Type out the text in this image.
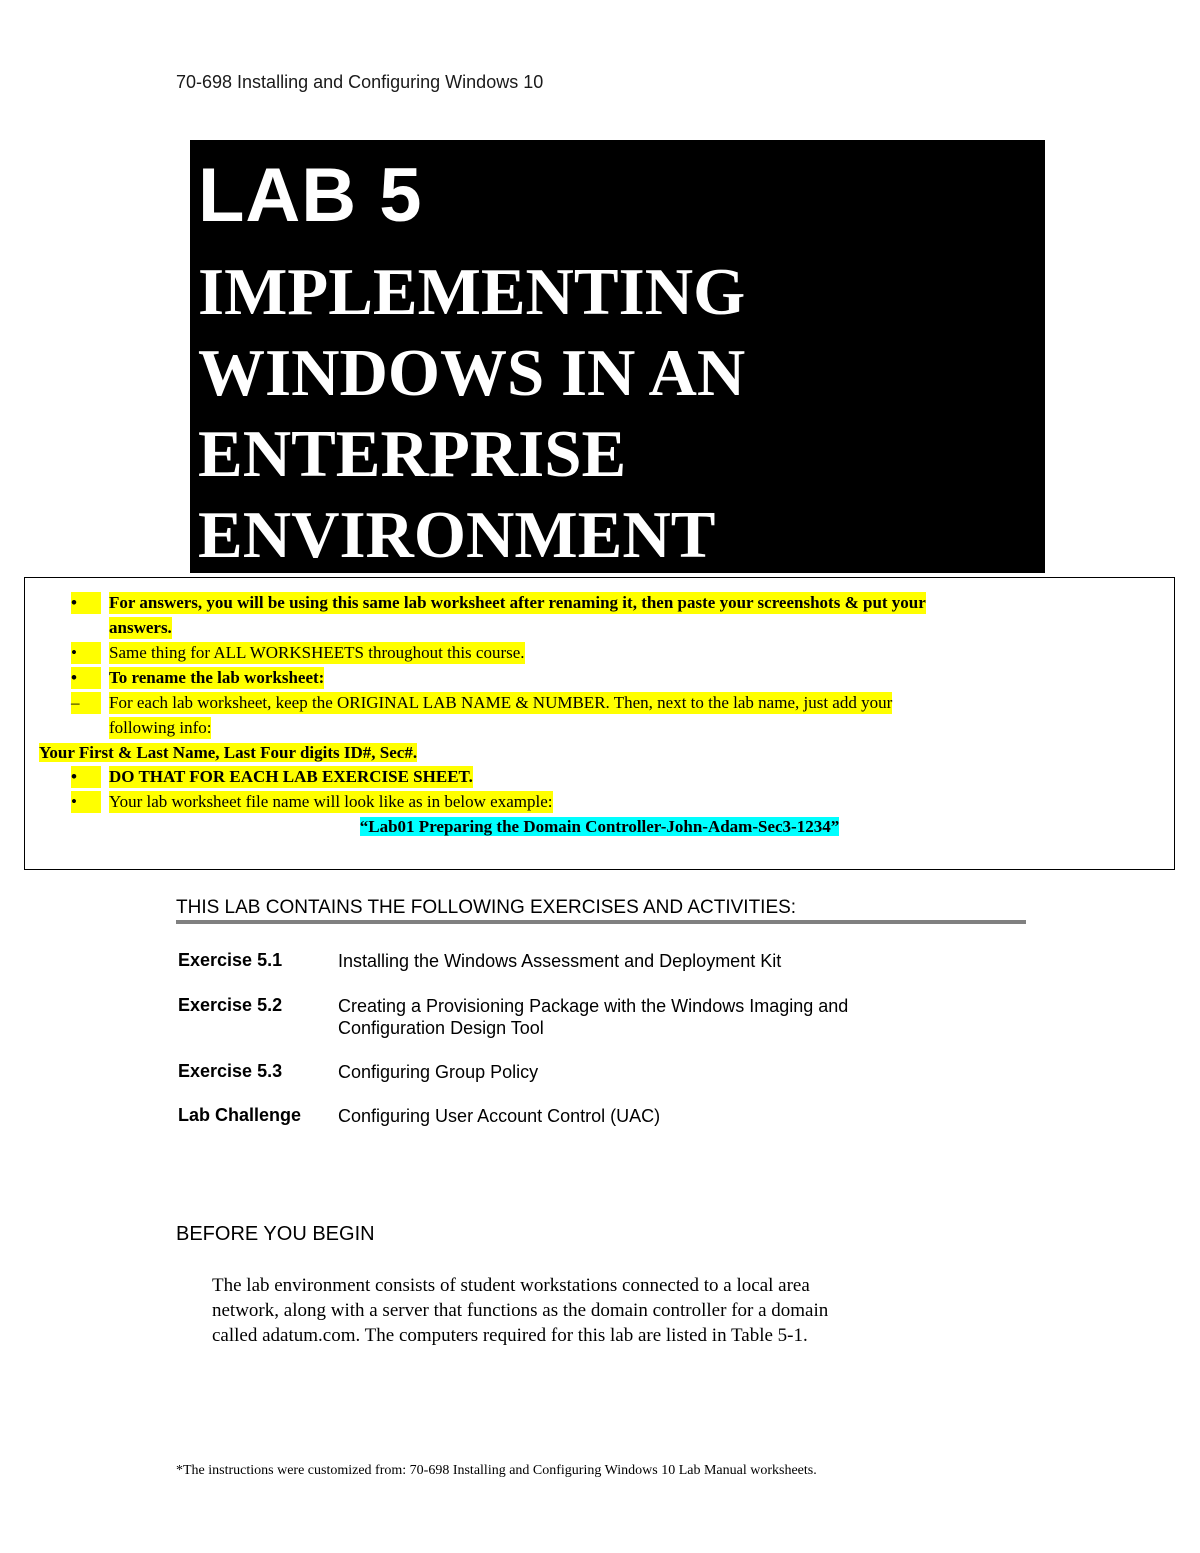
70-698 Installing and Configuring Windows 10
LAB 5
IMPLEMENTING
WINDOWS IN AN
ENTERPRISE
ENVIRONMENT
•	For answers, you will be using this same lab worksheet after renaming it, then paste your screenshots & put your
answers.
•	Same thing for ALL WORKSHEETS throughout this course.
•	To rename the lab worksheet:
–	For each lab worksheet, keep the ORIGINAL LAB NAME & NUMBER. Then, next to the lab name, just add your
following info:
Your First & Last Name, Last Four digits ID#, Sec#.
•	DO THAT FOR EACH LAB EXERCISE SHEET.
•	Your lab worksheet file name will look like as in below example:
“Lab01 Preparing the Domain Controller-John-Adam-Sec3-1234”
THIS LAB CONTAINS THE FOLLOWING EXERCISES AND ACTIVITIES:
Exercise 5.1	Installing the Windows Assessment and Deployment Kit
Exercise 5.2	Creating a Provisioning Package with the Windows Imaging and
Configuration Design Tool
Exercise 5.3	Configuring Group Policy
Lab Challenge	Configuring User Account Control (UAC)
BEFORE YOU BEGIN
The lab environment consists of student workstations connected to a local area
network, along with a server that functions as the domain controller for a domain
called adatum.com. The computers required for this lab are listed in Table 5-1.
*The instructions were customized from: 70-698 Installing and Configuring Windows 10 Lab Manual worksheets.
